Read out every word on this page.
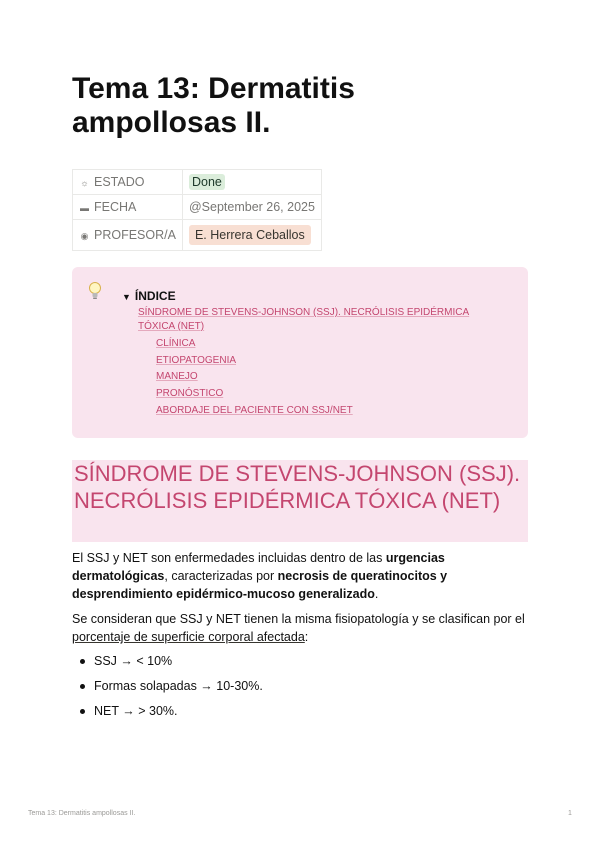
Tema 13: Dermatitis ampollosas II.
☼ ESTADO	Done
▬ FECHA	@September 26, 2025
◉ PROFESOR/A	E. Herrera Ceballos
▼ ÍNDICE
SÍNDROME DE STEVENS-JOHNSON (SSJ). NECRÓLISIS EPIDÉRMICA TÓXICA (NET)
CLÍNICA
ETIOPATOGENIA
MANEJO
PRONÓSTICO
ABORDAJE DEL PACIENTE CON SSJ/NET
SÍNDROME DE STEVENS-JOHNSON (SSJ). NECRÓLISIS EPIDÉRMICA TÓXICA (NET)

El SSJ y NET son enfermedades incluidas dentro de las urgencias dermatológicas, caracterizadas por necrosis de queratinocitos y desprendimiento epidérmico-mucoso generalizado.

Se consideran que SSJ y NET tienen la misma fisiopatología y se clasifican por el porcentaje de superficie corporal afectada:

SSJ → < 10%
Formas solapadas → 10-30%.
NET → > 30%.
Tema 13: Dermatitis ampollosas II.	1
